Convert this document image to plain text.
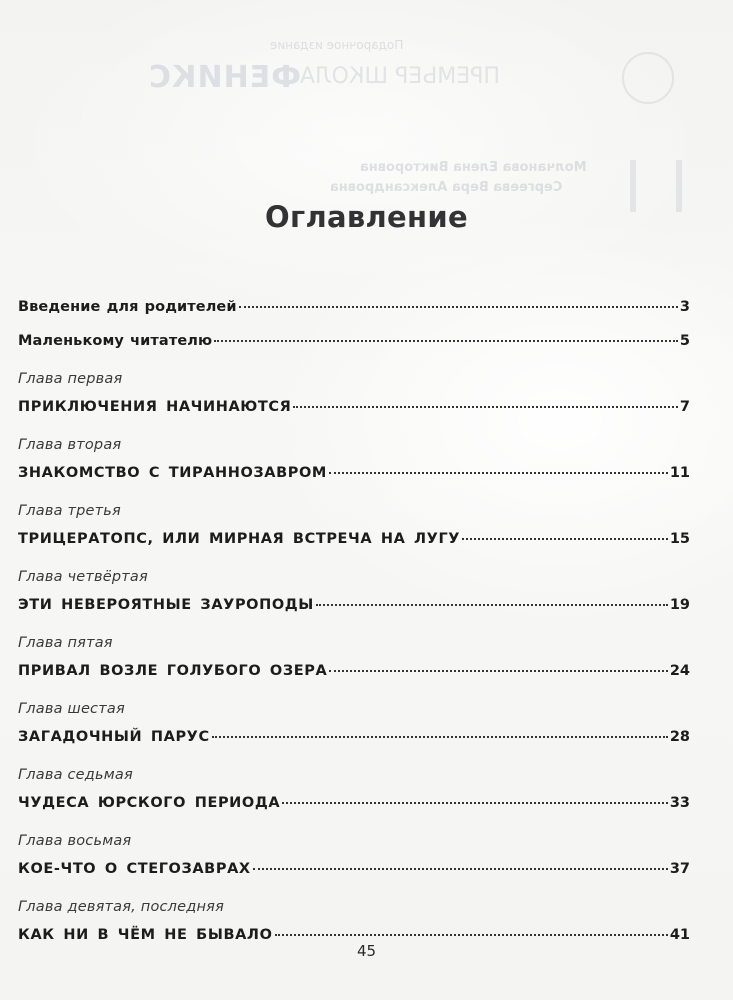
Подарочное издание
ФЕНИКС ПРЕМЬЕР ШКОЛА
Молчанова Елена Викторовна
Сергеева Вера Александровна
Оглавление
Введение для родителей	3
Маленькому читателю	5
Глава первая
ПРИКЛЮЧЕНИЯ НАЧИНАЮТСЯ	7
Глава вторая
ЗНАКОМСТВО С ТИРАННОЗАВРОМ	11
Глава третья
ТРИЦЕРАТОПС, ИЛИ МИРНАЯ ВСТРЕЧА НА ЛУГУ	15
Глава четвёртая
ЭТИ НЕВЕРОЯТНЫЕ ЗАУРОПОДЫ	19
Глава пятая
ПРИВАЛ ВОЗЛЕ ГОЛУБОГО ОЗЕРА	24
Глава шестая
ЗАГАДОЧНЫЙ ПАРУС	28
Глава седьмая
ЧУДЕСА ЮРСКОГО ПЕРИОДА	33
Глава восьмая
КОЕ-ЧТО О СТЕГОЗАВРАХ	37
Глава девятая, последняя
КАК НИ В ЧЁМ НЕ БЫВАЛО	41
45
